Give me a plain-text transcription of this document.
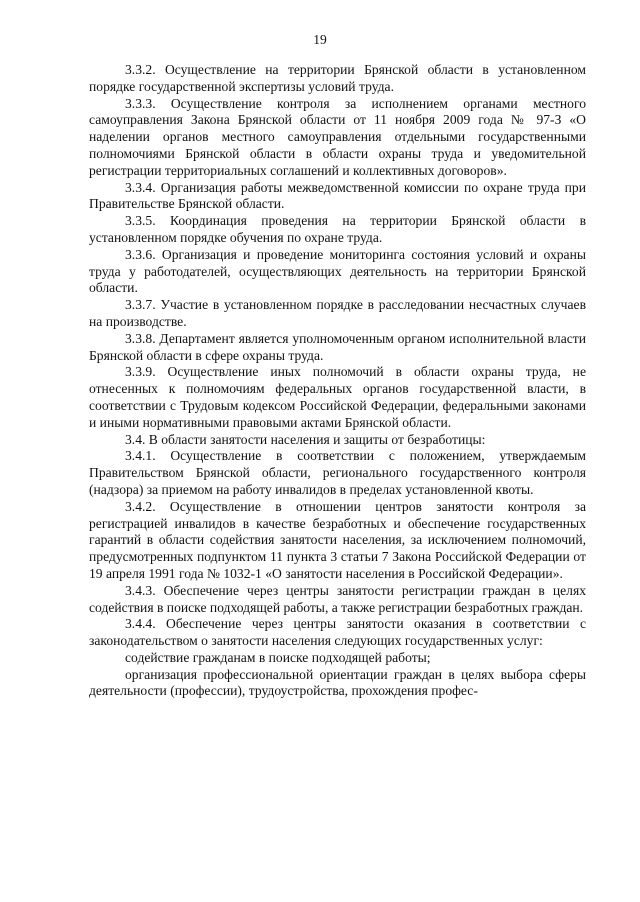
19

3.3.2. Осуществление на территории Брянской области в установленном порядке государственной экспертизы условий труда.

3.3.3. Осуществление контроля за исполнением органами местного самоуправления Закона Брянской области от 11 ноября 2009 года № 97-З «О наделении органов местного самоуправления отдельными государственными полномочиями Брянской области в области охраны труда и уведомительной регистрации территориальных соглашений и коллективных договоров».

3.3.4. Организация работы межведомственной комиссии по охране труда при Правительстве Брянской области.

3.3.5. Координация проведения на территории Брянской области в установленном порядке обучения по охране труда.

3.3.6. Организация и проведение мониторинга состояния условий и охраны труда у работодателей, осуществляющих деятельность на территории Брянской области.

3.3.7. Участие в установленном порядке в расследовании несчастных случаев на производстве.

3.3.8. Департамент является уполномоченным органом исполнительной власти Брянской области в сфере охраны труда.

3.3.9. Осуществление иных полномочий в области охраны труда, не отнесенных к полномочиям федеральных органов государственной власти, в соответствии с Трудовым кодексом Российской Федерации, федеральными законами и иными нормативными правовыми актами Брянской области.

3.4. В области занятости населения и защиты от безработицы:

3.4.1. Осуществление в соответствии с положением, утверждаемым Правительством Брянской области, регионального государственного контроля (надзора) за приемом на работу инвалидов в пределах установленной квоты.

3.4.2. Осуществление в отношении центров занятости контроля за регистрацией инвалидов в качестве безработных и обеспечение государственных гарантий в области содействия занятости населения, за исключением полномочий, предусмотренных подпунктом 11 пункта 3 статьи 7 Закона Российской Федерации от 19 апреля 1991 года № 1032-1 «О занятости населения в Российской Федерации».

3.4.3. Обеспечение через центры занятости регистрации граждан в целях содействия в поиске подходящей работы, а также регистрации безработных граждан.

3.4.4. Обеспечение через центры занятости оказания в соответствии с законодательством о занятости населения следующих государственных услуг:

содействие гражданам в поиске подходящей работы;

организация профессиональной ориентации граждан в целях выбора сферы деятельности (профессии), трудоустройства, прохождения профес-
